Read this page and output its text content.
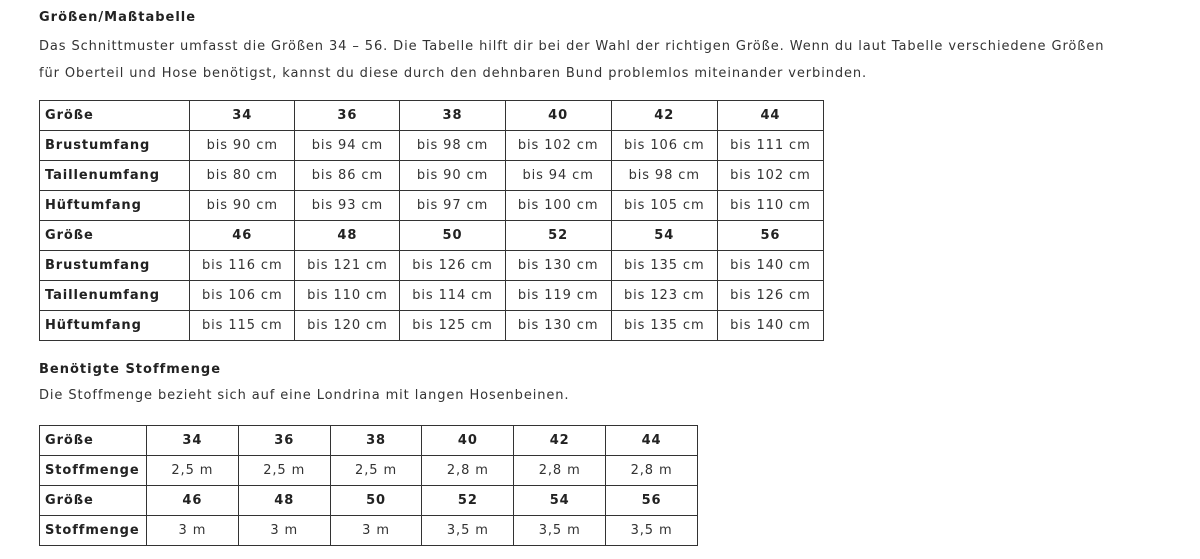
Größen/Maßtabelle

Das Schnittmuster umfasst die Größen 34 – 56. Die Tabelle hilft dir bei der Wahl der richtigen Größe. Wenn du laut Tabelle verschiedene Größen

für Oberteil und Hose benötigst, kannst du diese durch den dehnbaren Bund problemlos miteinander verbinden.

Größe	34	36	38	40	42	44
Brustumfang	bis 90 cm	bis 94 cm	bis 98 cm	bis 102 cm	bis 106 cm	bis 111 cm
Taillenumfang	bis 80 cm	bis 86 cm	bis 90 cm	bis 94 cm	bis 98 cm	bis 102 cm
Hüftumfang	bis 90 cm	bis 93 cm	bis 97 cm	bis 100 cm	bis 105 cm	bis 110 cm
Größe	46	48	50	52	54	56
Brustumfang	bis 116 cm	bis 121 cm	bis 126 cm	bis 130 cm	bis 135 cm	bis 140 cm
Taillenumfang	bis 106 cm	bis 110 cm	bis 114 cm	bis 119 cm	bis 123 cm	bis 126 cm
Hüftumfang	bis 115 cm	bis 120 cm	bis 125 cm	bis 130 cm	bis 135 cm	bis 140 cm

Benötigte Stoffmenge

Die Stoffmenge bezieht sich auf eine Londrina mit langen Hosenbeinen.

Größe	34	36	38	40	42	44
Stoffmenge	2,5 m	2,5 m	2,5 m	2,8 m	2,8 m	2,8 m
Größe	46	48	50	52	54	56
Stoffmenge	3 m	3 m	3 m	3,5 m	3,5 m	3,5 m
